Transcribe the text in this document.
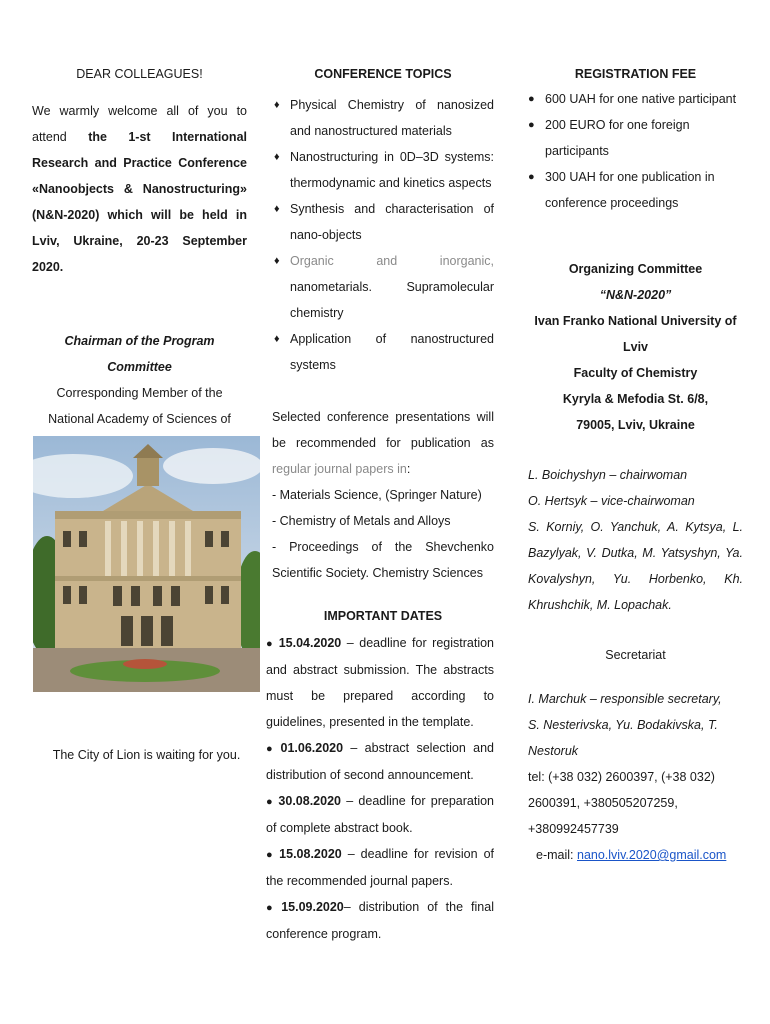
DEAR COLLEAGUES!
We warmly welcome all of you to attend the 1-st International Research and Practice Conference «Nanoobjects & Nanostructuring» (N&N-2020) which will be held in Lviv, Ukraine, 20-23 September 2020.
Chairman of the Program Committee
Corresponding Member of the National Academy of Sciences of
The City of Lion is waiting for you.
CONFERENCE TOPICS
♦ Physical Chemistry of nanosized and nanostructured materials
♦ Nanostructuring in 0D–3D systems: thermodynamic and kinetics aspects
♦ Synthesis and characterisation of nano-objects
♦ Organic and inorganic, nanometarials. Supramolecular chemistry
♦ Application of nanostructured systems
Selected conference presentations will be recommended for publication as regular journal papers in:
- Materials Science, (Springer Nature)
- Chemistry of Metals and Alloys
- Proceedings of the Shevchenko Scientific Society. Chemistry Sciences
IMPORTANT DATES
● 15.04.2020 – deadline for registration and abstract submission. The abstracts must be prepared according to guidelines, presented in the template.
● 01.06.2020 – abstract selection and distribution of second announcement.
● 30.08.2020 – deadline for preparation of complete abstract book.
● 15.08.2020 – deadline for revision of the recommended journal papers.
● 15.09.2020– distribution of the final conference program.
REGISTRATION FEE
● 600 UAH for one native participant
● 200 EURO for one foreign participants
● 300 UAH for one publication in conference proceedings
Organizing Committee
“N&N-2020”
Ivan Franko National University of Lviv
Faculty of Chemistry
Kyryla & Mefodia St. 6/8,
79005, Lviv, Ukraine
L. Boichyshyn – chairwoman
O. Hertsyk – vice-chairwoman
S. Korniy, O. Yanchuk, A. Kytsya, L. Bazylyak, V. Dutka, M. Yatsyshyn, Ya. Kovalyshyn, Yu. Horbenko, Kh. Khrushchik, M. Lopachak.
Secretariat
I. Marchuk – responsible secretary,
S. Nesterivska, Yu. Bodakivska, T. Nestoruk
tel: (+38 032) 2600397, (+38 032) 2600391, +380505207259, +380992457739
e-mail: nano.lviv.2020@gmail.com
